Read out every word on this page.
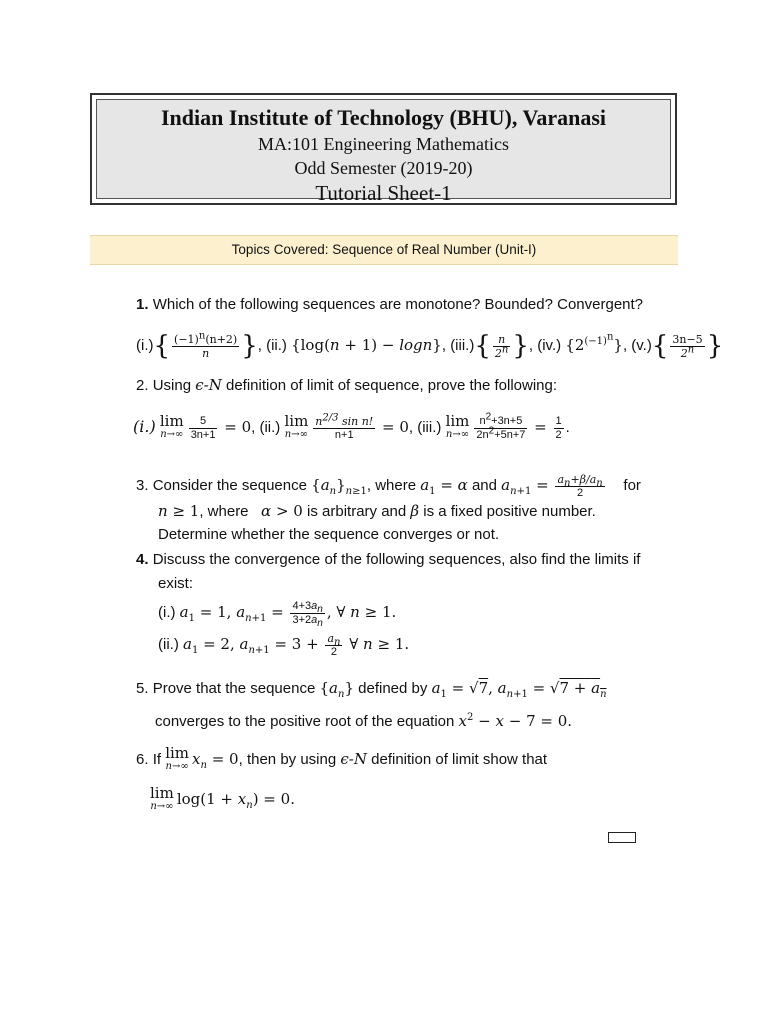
Indian Institute of Technology (BHU), Varanasi
MA:101 Engineering Mathematics
Odd Semester (2019-20)
Tutorial Sheet-1
Topics Covered: Sequence of Real Number (Unit-I)
1. Which of the following sequences are monotone? Bounded? Convergent?
$(i.)\{ \frac{(-1)^n(n+2)}{n}$ }, (ii.) {log(n + 1) − logn}, $(iii.)\{ \frac{n}{2^n}$ }, (iv.) $\{2^{(-1)^n}\}$, $(v.)\{ \frac{3n-5}{2^n}$ }
2. Using ϵ-N definition of limit of sequence, prove the following:
(i.) lim
$n\to\infty \frac{5}{3n+1} = 0$, (ii.) lim
$n\to\infty \frac{n^{2/3} \sin n!}{n+1} = 0$, (iii.) lim
$n\to\infty \frac{n^2+3n+5}{2n^2+5n+7} = \frac{1}{2}$ .
3. Consider the sequence $\{a_n\}_{n\ge 1}$, where $a_1 = \alpha$ and $a_{n+1} = \frac{a_n+\beta/a_n}{2}$ for
n ≥ 1, where α > 0 is arbitrary and β is a fixed positive number.
Determine whether the sequence converges or not.
4. Discuss the convergence of the following sequences, also find the limits if
exist:
(i.) $a_1 = 1$, $a_{n+1} = \frac{4+3a_n}{3+2a_n}$ , ∀ n ≥ 1.
(ii.) $a_1 = 2$, $a_{n+1} = 3 + \frac{a_n}{2}$ ∀ n ≥ 1.
5. Prove that the sequence $\{a_n\}$ defined by $a_1 = √7$, $a_{n+1} = √7 + a_n$
converges to the positive root of the equation $x^2 - x - 7 = 0$.
6. If lim
n→∞ $x_n = 0$, then by using ϵ-N definition of limit show that
lim
n→∞ $\log(1 + x_n) = 0$.
